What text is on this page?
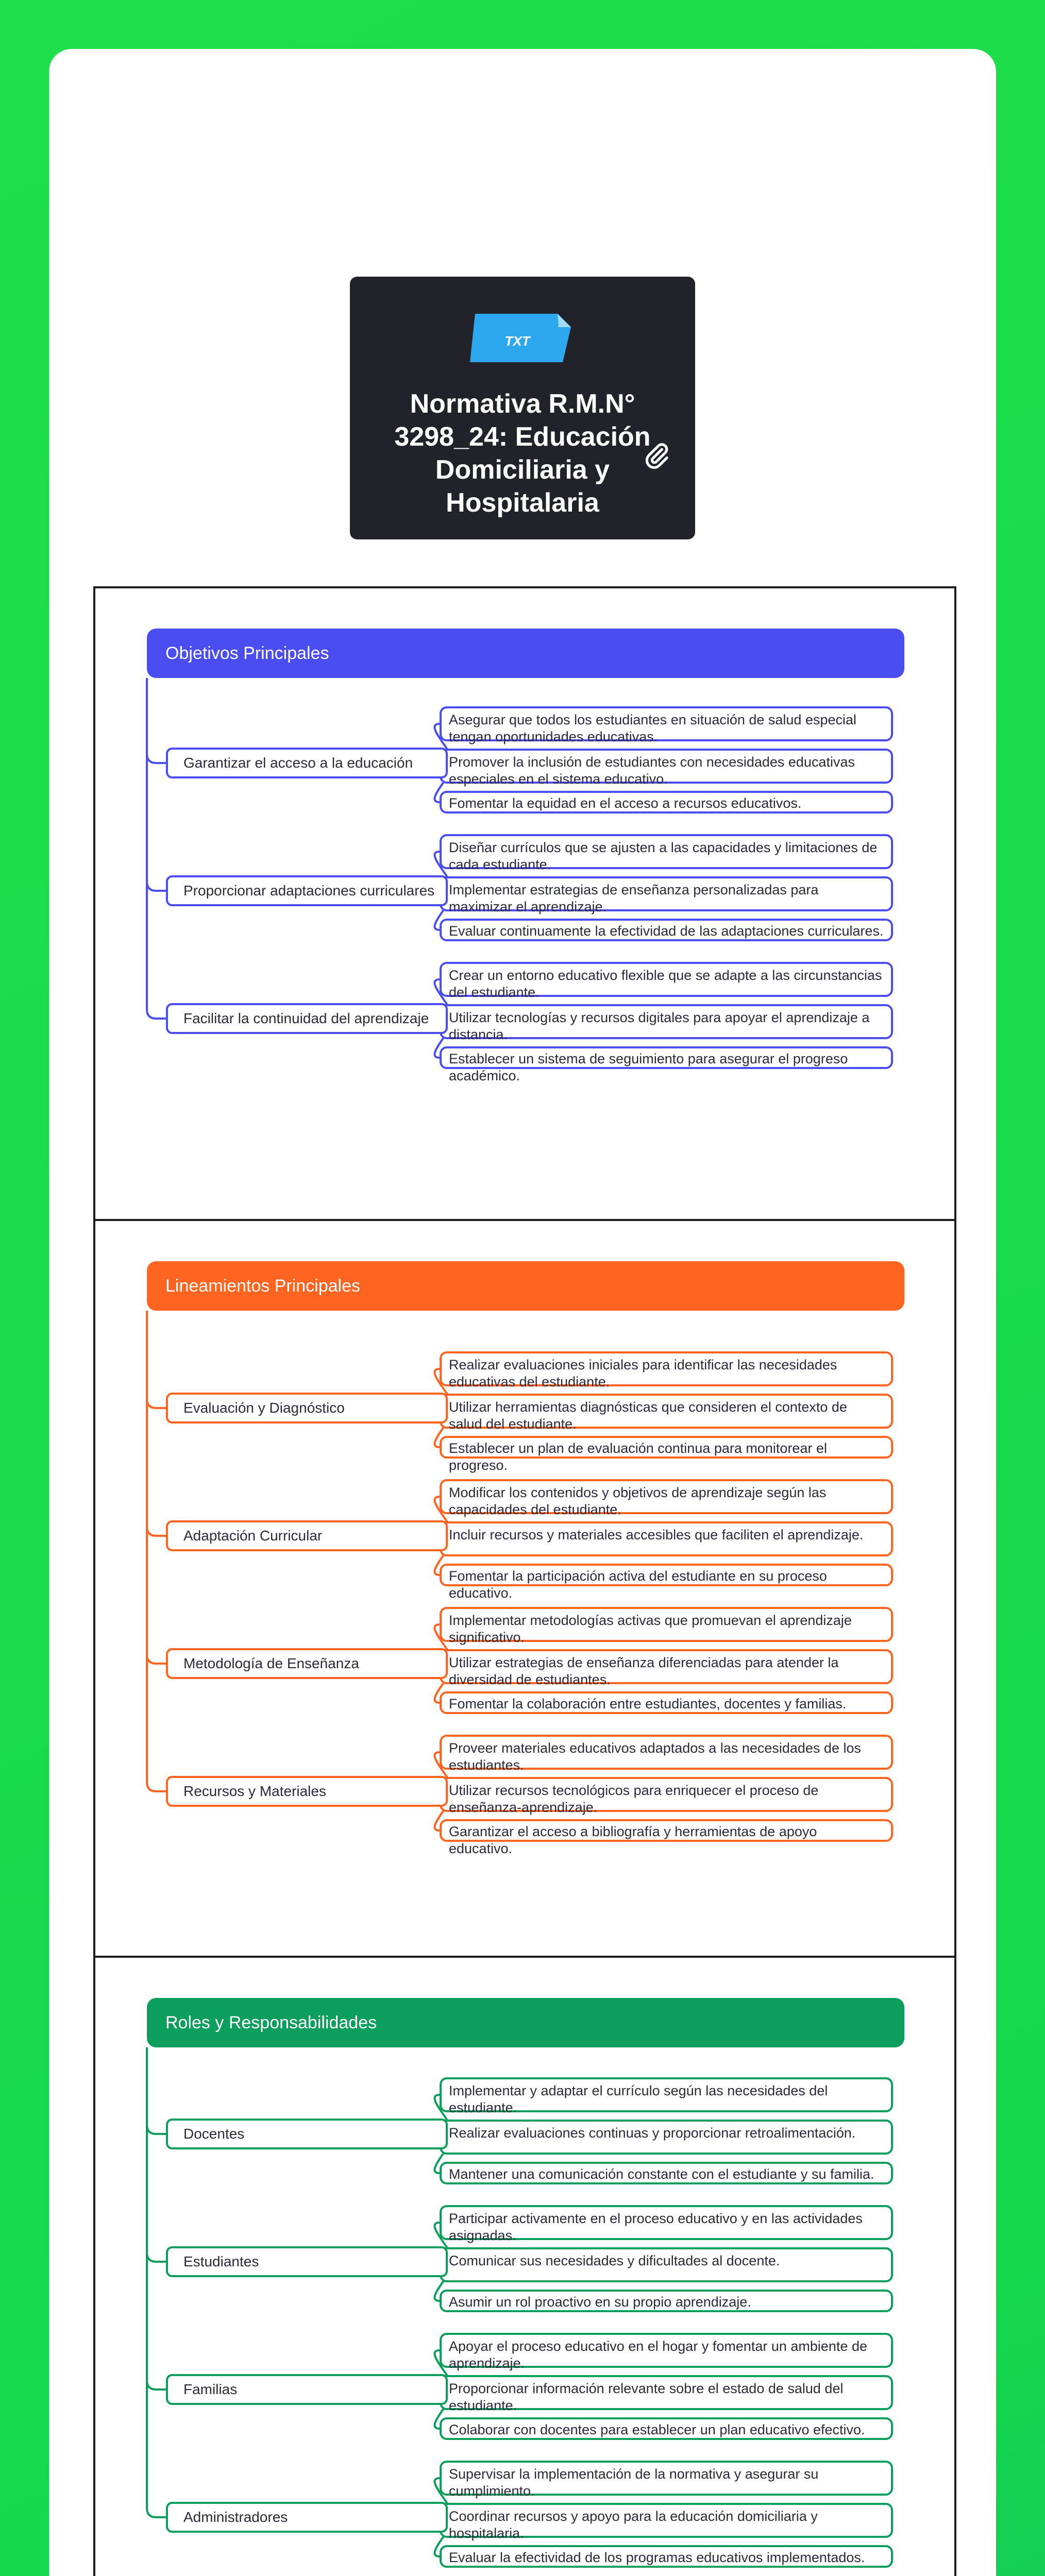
TXT
Normativa R.M.N° 3298_24: Educación Domiciliaria y Hospitalaria
Objetivos Principales
Asegurar que todos los estudiantes en situación de salud especial tengan oportunidades educativas.
Promover la inclusión de estudiantes con necesidades educativas especiales en el sistema educativo.
Fomentar la equidad en el acceso a recursos educativos.
Garantizar el acceso a la educación
Diseñar currículos que se ajusten a las capacidades y limitaciones de cada estudiante.
Implementar estrategias de enseñanza personalizadas para maximizar el aprendizaje.
Evaluar continuamente la efectividad de las adaptaciones curriculares.
Proporcionar adaptaciones curriculares
Crear un entorno educativo flexible que se adapte a las circunstancias del estudiante.
Utilizar tecnologías y recursos digitales para apoyar el aprendizaje a distancia.
Establecer un sistema de seguimiento para asegurar el progreso académico.
Facilitar la continuidad del aprendizaje
Lineamientos Principales
Realizar evaluaciones iniciales para identificar las necesidades educativas del estudiante.
Utilizar herramientas diagnósticas que consideren el contexto de salud del estudiante.
Establecer un plan de evaluación continua para monitorear el progreso.
Evaluación y Diagnóstico
Modificar los contenidos y objetivos de aprendizaje según las capacidades del estudiante.
Incluir recursos y materiales accesibles que faciliten el aprendizaje.
Fomentar la participación activa del estudiante en su proceso educativo.
Adaptación Curricular
Implementar metodologías activas que promuevan el aprendizaje significativo.
Utilizar estrategias de enseñanza diferenciadas para atender la diversidad de estudiantes.
Fomentar la colaboración entre estudiantes, docentes y familias.
Metodología de Enseñanza
Proveer materiales educativos adaptados a las necesidades de los estudiantes.
Utilizar recursos tecnológicos para enriquecer el proceso de enseñanza-aprendizaje.
Garantizar el acceso a bibliografía y herramientas de apoyo educativo.
Recursos y Materiales
Roles y Responsabilidades
Implementar y adaptar el currículo según las necesidades del estudiante.
Realizar evaluaciones continuas y proporcionar retroalimentación.
Mantener una comunicación constante con el estudiante y su familia.
Docentes
Participar activamente en el proceso educativo y en las actividades asignadas.
Comunicar sus necesidades y dificultades al docente.
Asumir un rol proactivo en su propio aprendizaje.
Estudiantes
Apoyar el proceso educativo en el hogar y fomentar un ambiente de aprendizaje.
Proporcionar información relevante sobre el estado de salud del estudiante.
Colaborar con docentes para establecer un plan educativo efectivo.
Familias
Supervisar la implementación de la normativa y asegurar su cumplimiento.
Coordinar recursos y apoyo para la educación domiciliaria y hospitalaria.
Evaluar la efectividad de los programas educativos implementados.
Administradores
